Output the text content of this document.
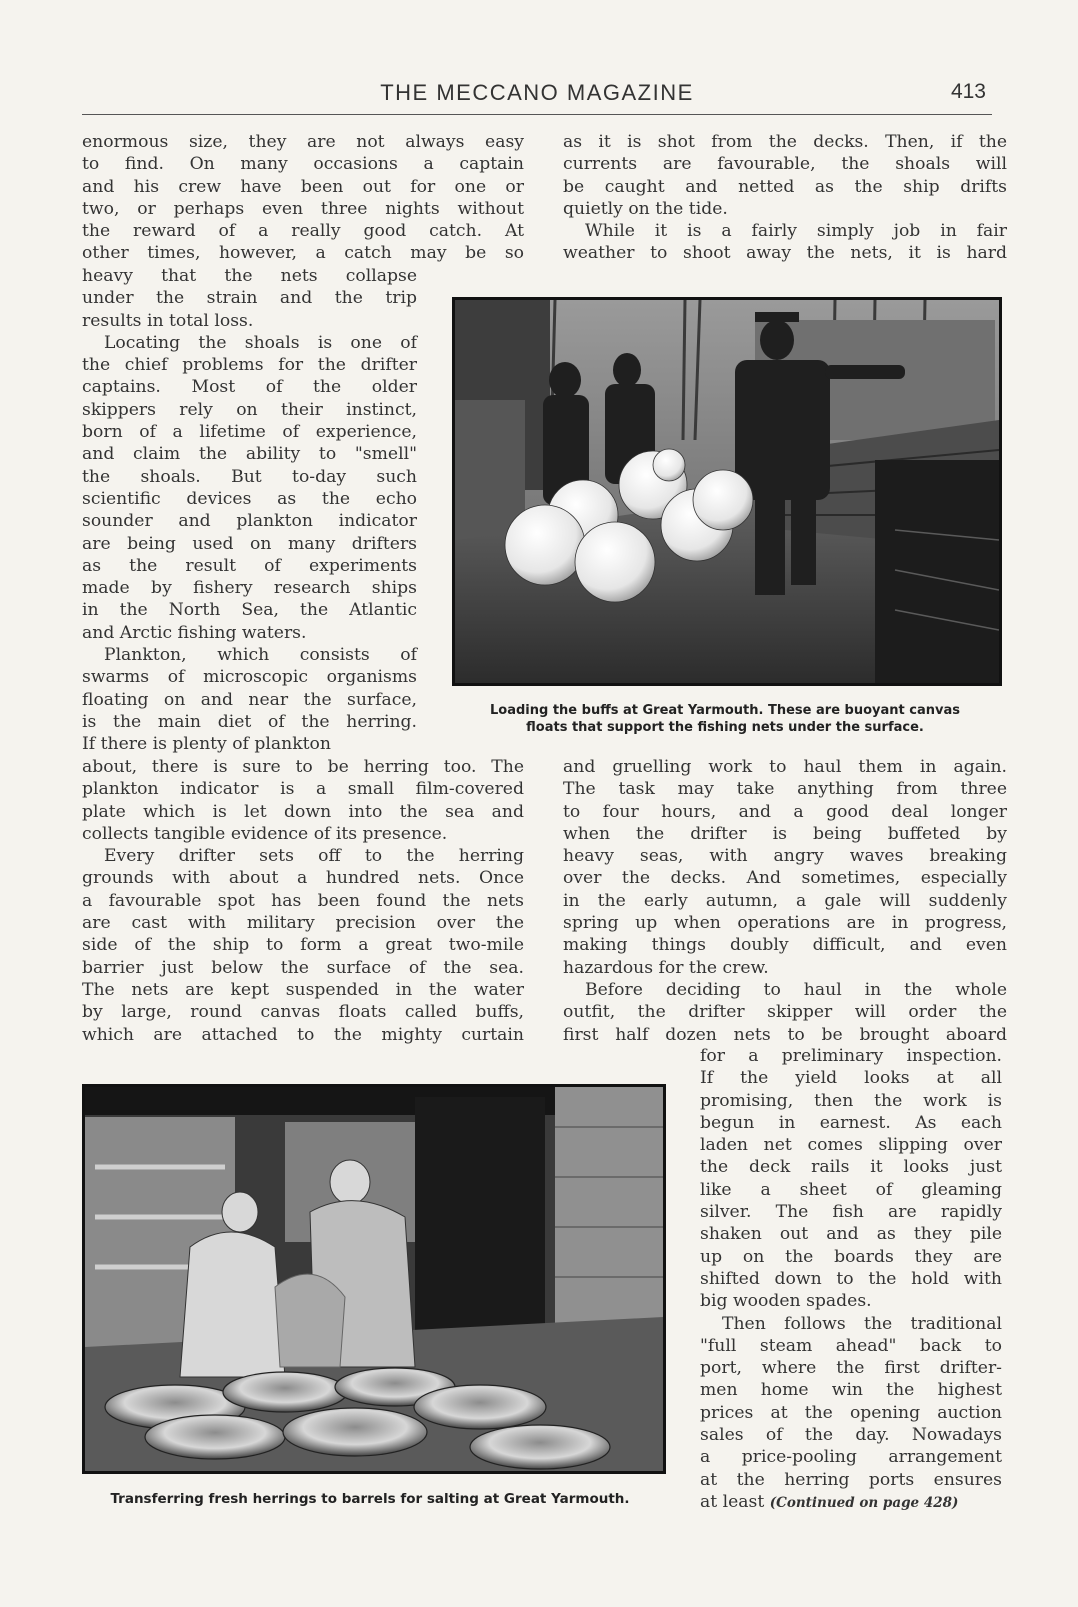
THE MECCANO MAGAZINE	413

enormous size, they are not always easy

to find. On many occasions a captain

and his crew have been out for one or

two, or perhaps even three nights without

the reward of a really good catch. At

other times, however, a catch may be so

heavy that the nets collapse

under the strain and the trip

results in total loss.

Locating the shoals is one of

the chief problems for the drifter

captains. Most of the older

skippers rely on their instinct,

born of a lifetime of experience,

and claim the ability to "smell"

the shoals. But to-day such

scientific devices as the echo

sounder and plankton indicator

are being used on many drifters

as the result of experiments

made by fishery research ships

in the North Sea, the Atlantic

and Arctic fishing waters.

Plankton, which consists of

swarms of microscopic organisms

floating on and near the surface,

is the main diet of the herring.

If there is plenty of plankton

about, there is sure to be herring too. The

plankton indicator is a small film-covered

plate which is let down into the sea and

collects tangible evidence of its presence.

Every drifter sets off to the herring

grounds with about a hundred nets. Once

a favourable spot has been found the nets

are cast with military precision over the

side of the ship to form a great two-mile

barrier just below the surface of the sea.

The nets are kept suspended in the water

by large, round canvas floats called buffs,

which are attached to the mighty curtain

as it is shot from the decks. Then, if the

currents are favourable, the shoals will

be caught and netted as the ship drifts

quietly on the tide.

While it is a fairly simply job in fair

weather to shoot away the nets, it is hard

and gruelling work to haul them in again.

The task may take anything from three

to four hours, and a good deal longer

when the drifter is being buffeted by

heavy seas, with angry waves breaking

over the decks. And sometimes, especially

in the early autumn, a gale will suddenly

spring up when operations are in progress,

making things doubly difficult, and even

hazardous for the crew.

Before deciding to haul in the whole

outfit, the drifter skipper will order the

first half dozen nets to be brought aboard

for a preliminary inspection.

If the yield looks at all

promising, then the work is

begun in earnest. As each

laden net comes slipping over

the deck rails it looks just

like a sheet of gleaming

silver. The fish are rapidly

shaken out and as they pile

up on the boards they are

shifted down to the hold with

big wooden spades.

Then follows the traditional

"full steam ahead" back to

port, where the first drifter-

men home win the highest

prices at the opening auction

sales of the day. Nowadays

a price-pooling arrangement

at the herring ports ensures

at least (Continued on page 428)
Loading the buffs at Great Yarmouth. These are buoyant canvas
floats that support the fishing nets under the surface.
Transferring fresh herrings to barrels for salting at Great Yarmouth.
